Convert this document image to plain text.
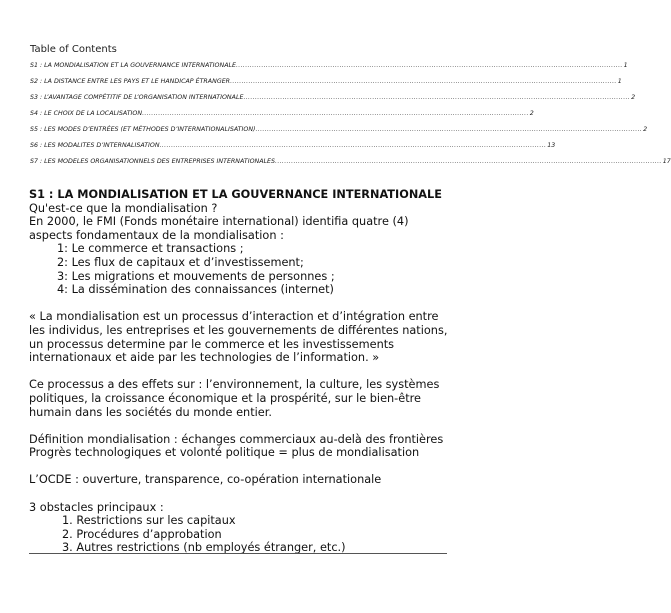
Table of Contents
S1 : LA MONDIALISATION ET LA GOUVERNANCE INTERNATIONALE ........................................................................................................................................................................ 1
S2 : LA DISTANCE ENTRE LES PAYS ET LE HANDICAP ÉTRANGER ........................................................................................................................................................................ 1
S3 : L’AVANTAGE COMPÉTITIF DE L’ORGANISATION INTERNATIONALE ........................................................................................................................................................................ 2
S4 : LE CHOIX DE LA LOCALISATION ........................................................................................................................................................................ 2
S5 : LES MODES D’ENTRÉES (ET MÉTHODES D’INTERNATIONALISATION) ........................................................................................................................................................................ 2
S6 : LES MODALITES D’INTERNALISATION ........................................................................................................................................................................ 13
S7 : LES MODELES ORGANISATIONNELS DES ENTREPRISES INTERNATIONALES ........................................................................................................................................................................ 17

S1 : LA MONDIALISATION ET LA GOUVERNANCE INTERNATIONALE

Qu'est-ce que la mondialisation ?

En 2000, le FMI (Fonds monétaire international) identifia quatre (4) aspects fondamentaux de la mondialisation :

1: Le commerce et transactions ;

2: Les flux de capitaux et d’investissement;

3: Les migrations et mouvements de personnes ;

4: La dissémination des connaissances (internet)

« La mondialisation est un processus d’interaction et d’intégration entre les individus, les entreprises et les gouvernements de différentes nations, un processus determine par le commerce et les investissements internationaux et aide par les technologies de l’information. »

Ce processus a des effets sur : l’environnement, la culture, les systèmes politiques, la croissance économique et la prospérité, sur le bien-être humain dans les sociétés du monde entier.

Définition mondialisation : échanges commerciaux au-delà des frontières

Progrès technologiques et volonté politique = plus de mondialisation

L’OCDE : ouverture, transparence, co-opération internationale

3 obstacles principaux :

1. Restrictions sur les capitaux

2. Procédures d’approbation

3. Autres restrictions (nb employés étranger, etc.)
